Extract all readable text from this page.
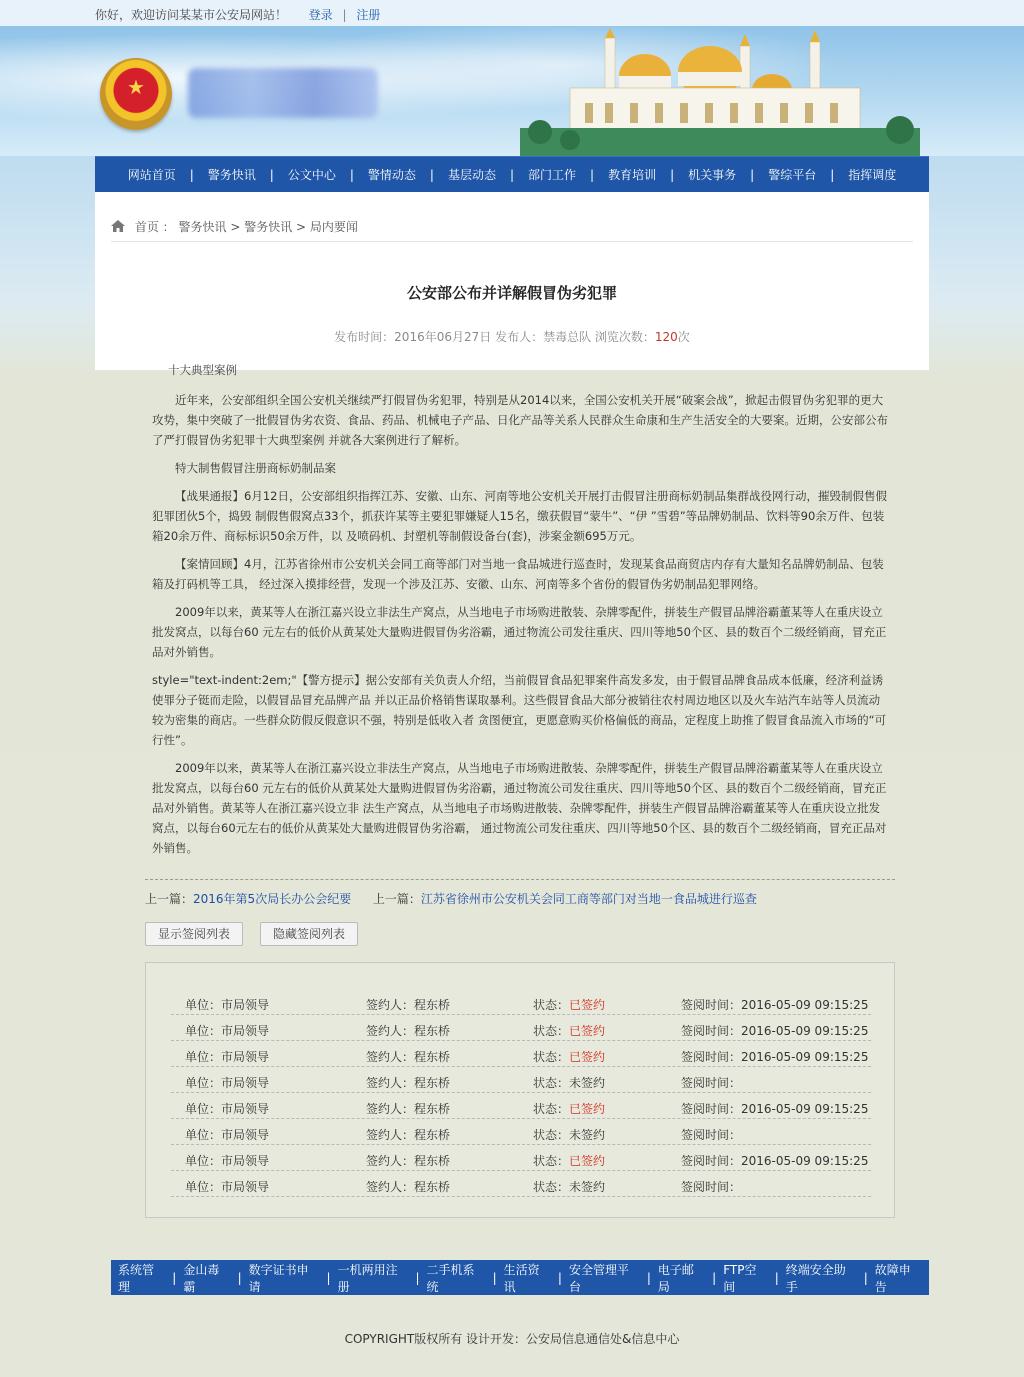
你好，欢迎访问某某市公安局网站！ 登录 | 注册
★
网站首页	|	警务快讯	|	公文中心	|	警情动态	|	基层动态	|	部门工作	|	教育培训	|	机关事务	|	警综平台	|	指挥调度
首页 ： 警务快讯 > 警务快讯 > 局内要闻
公安部公布并详解假冒伪劣犯罪
发布时间：2016年06月27日 发布人：禁毒总队 浏览次数：120次
十大典型案例

近年来，公安部组织全国公安机关继续严打假冒伪劣犯罪，特别是从2014以来，全国公安机关开展“破案会战”，掀起击假冒伪劣犯罪的更大攻势，集中突破了一批假冒伪劣农资、食品、药品、机械电子产品、日化产品等关系人民群众生命康和生产生活安全的大要案。近期，公安部公布了严打假冒伪劣犯罪十大典型案例 并就各大案例进行了解析。

特大制售假冒注册商标奶制品案

【战果通报】6月12日，公安部组织指挥江苏、安徽、山东、河南等地公安机关开展打击假冒注册商标奶制品集群战役网行动，摧毁制假售假犯罪团伙5个，捣毁 制假售假窝点33个，抓获许某等主要犯罪嫌疑人15名，缴获假冒“蒙牛”、“伊 ”雪碧”等品牌奶制品、饮料等90余万件、包装箱20余万件、商标标识50余万件，以 及喷码机、封塑机等制假设备台(套)，涉案金额695万元。

【案情回顾】4月，江苏省徐州市公安机关会同工商等部门对当地一食品城进行巡查时，发现某食品商贸店内存有大量知名品牌奶制品、包装箱及打码机等工具， 经过深入摸排经营，发现一个涉及江苏、安徽、山东、河南等多个省份的假冒伪劣奶制品犯罪网络。

2009年以来，黄某等人在浙江嘉兴设立非法生产窝点，从当地电子市场购进散装、杂牌零配件，拼装生产假冒品牌浴霸董某等人在重庆设立批发窝点，以每台60 元左右的低价从黄某处大量购进假冒伪劣浴霸，通过物流公司发往重庆、四川等地50个区、县的数百个二级经销商，冒充正品对外销售。

style="text-indent:2em;"【警方提示】据公安部有关负责人介绍，当前假冒食品犯罪案件高发多发，由于假冒品牌食品成本低廉，经济利益诱使罪分子铤而走险，以假冒品冒充品牌产品 并以正品价格销售谋取暴利。这些假冒食品大部分被销往农村周边地区以及火车站汽车站等人员流动较为密集的商店。一些群众防假反假意识不强，特别是低收入者 贪图便宜，更愿意购买价格偏低的商品，定程度上助推了假冒食品流入市场的“可行性”。

2009年以来，黄某等人在浙江嘉兴设立非法生产窝点，从当地电子市场购进散装、杂牌零配件，拼装生产假冒品牌浴霸董某等人在重庆设立批发窝点，以每台60 元左右的低价从黄某处大量购进假冒伪劣浴霸，通过物流公司发往重庆、四川等地50个区、县的数百个二级经销商，冒充正品对外销售。黄某等人在浙江嘉兴设立非 法生产窝点，从当地电子市场购进散装、杂牌零配件，拼装生产假冒品牌浴霸董某等人在重庆设立批发窝点，以每台60元左右的低价从黄某处大量购进假冒伪劣浴霸， 通过物流公司发往重庆、四川等地50个区、县的数百个二级经销商，冒充正品对外销售。

上一篇：2016年第5次局长办公会纪要 上一篇：江苏省徐州市公安机关会同工商等部门对当地一食品城进行巡查
显示签阅列表	隐藏签阅列表
单位：市局领导	签约人：程东桥	状态：已签约	签阅时间：2016-05-09 09:15:25
单位：市局领导	签约人：程东桥	状态：已签约	签阅时间：2016-05-09 09:15:25
单位：市局领导	签约人：程东桥	状态：已签约	签阅时间：2016-05-09 09:15:25
单位：市局领导	签约人：程东桥	状态：未签约	签阅时间：
单位：市局领导	签约人：程东桥	状态：已签约	签阅时间：2016-05-09 09:15:25
单位：市局领导	签约人：程东桥	状态：未签约	签阅时间：
单位：市局领导	签约人：程东桥	状态：已签约	签阅时间：2016-05-09 09:15:25
单位：市局领导	签约人：程东桥	状态：未签约	签阅时间：
系统管理
|
金山毒霸
|
数字证书申请
|
一机两用注册
|
二手机系统
|
生活资讯
|
安全管理平台
|
电子邮局
|
FTP空间
|
终端安全助手
|
故障申告
COPYRIGHT版权所有 设计开发：公安局信息通信处&信息中心
